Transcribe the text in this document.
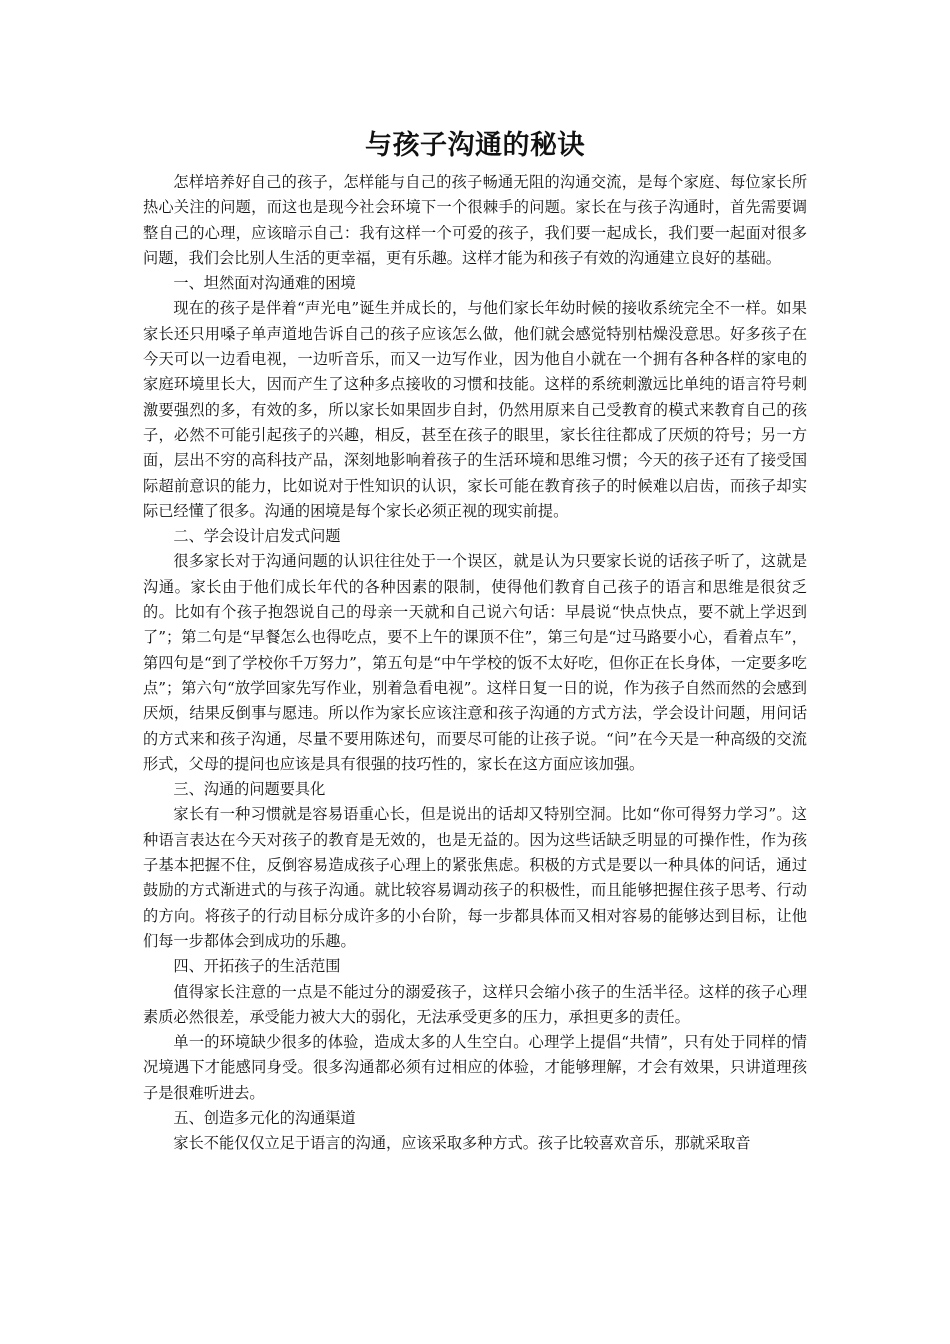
与孩子沟通的秘诀

怎样培养好自己的孩子，怎样能与自己的孩子畅通无阻的沟通交流，是每个家庭、每位家长所热心关注的问题，而这也是现今社会环境下一个很棘手的问题。家长在与孩子沟通时，首先需要调整自己的心理，应该暗示自己：我有这样一个可爱的孩子，我们要一起成长，我们要一起面对很多问题，我们会比别人生活的更幸福，更有乐趣。这样才能为和孩子有效的沟通建立良好的基础。

一、坦然面对沟通难的困境

现在的孩子是伴着“声光电”诞生并成长的，与他们家长年幼时候的接收系统完全不一样。如果家长还只用嗓子单声道地告诉自己的孩子应该怎么做，他们就会感觉特别枯燥没意思。好多孩子在今天可以一边看电视，一边听音乐，而又一边写作业，因为他自小就在一个拥有各种各样的家电的家庭环境里长大，因而产生了这种多点接收的习惯和技能。这样的系统刺激远比单纯的语言符号刺激要强烈的多，有效的多，所以家长如果固步自封，仍然用原来自己受教育的模式来教育自己的孩子，必然不可能引起孩子的兴趣，相反，甚至在孩子的眼里，家长往往都成了厌烦的符号；另一方面，层出不穷的高科技产品，深刻地影响着孩子的生活环境和思维习惯；今天的孩子还有了接受国际超前意识的能力，比如说对于性知识的认识，家长可能在教育孩子的时候难以启齿，而孩子却实际已经懂了很多。沟通的困境是每个家长必须正视的现实前提。

二、学会设计启发式问题

很多家长对于沟通问题的认识往往处于一个误区，就是认为只要家长说的话孩子听了，这就是沟通。家长由于他们成长年代的各种因素的限制，使得他们教育自己孩子的语言和思维是很贫乏的。比如有个孩子抱怨说自己的母亲一天就和自己说六句话：早晨说“快点快点，要不就上学迟到了”；第二句是“早餐怎么也得吃点，要不上午的课顶不住”，第三句是“过马路要小心，看着点车”，第四句是“到了学校你千万努力”，第五句是“中午学校的饭不太好吃，但你正在长身体，一定要多吃点”；第六句“放学回家先写作业，别着急看电视”。这样日复一日的说，作为孩子自然而然的会感到厌烦，结果反倒事与愿违。所以作为家长应该注意和孩子沟通的方式方法，学会设计问题，用问话的方式来和孩子沟通，尽量不要用陈述句，而要尽可能的让孩子说。“问”在今天是一种高级的交流形式，父母的提问也应该是具有很强的技巧性的，家长在这方面应该加强。

三、沟通的问题要具化

家长有一种习惯就是容易语重心长，但是说出的话却又特别空洞。比如“你可得努力学习”。这种语言表达在今天对孩子的教育是无效的，也是无益的。因为这些话缺乏明显的可操作性，作为孩子基本把握不住，反倒容易造成孩子心理上的紧张焦虑。积极的方式是要以一种具体的问话，通过鼓励的方式渐进式的与孩子沟通。就比较容易调动孩子的积极性，而且能够把握住孩子思考、行动的方向。将孩子的行动目标分成许多的小台阶，每一步都具体而又相对容易的能够达到目标，让他们每一步都体会到成功的乐趣。

四、开拓孩子的生活范围

值得家长注意的一点是不能过分的溺爱孩子，这样只会缩小孩子的生活半径。这样的孩子心理素质必然很差，承受能力被大大的弱化，无法承受更多的压力，承担更多的责任。

单一的环境缺少很多的体验，造成太多的人生空白。心理学上提倡“共情”，只有处于同样的情况境遇下才能感同身受。很多沟通都必须有过相应的体验，才能够理解，才会有效果，只讲道理孩子是很难听进去。

五、创造多元化的沟通渠道

家长不能仅仅立足于语言的沟通，应该采取多种方式。孩子比较喜欢音乐，那就采取音
